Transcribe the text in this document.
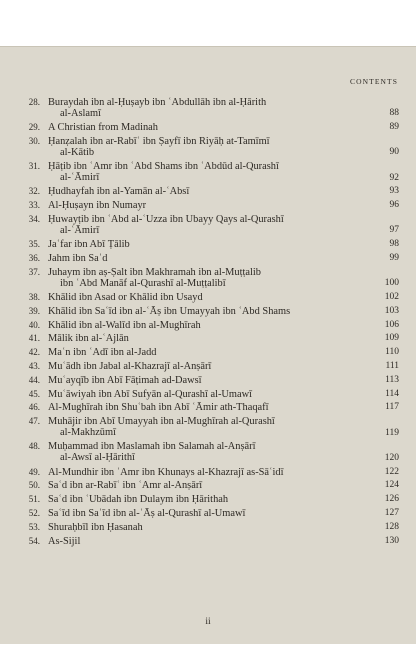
CONTENTS
28. Buraydah ibn al-Ḥuṣayb ibn ʿAbdullāh ibn al-Ḥārith
al-Aslamī	88
29. A Christian from Madinah	89
30. Ḥanẓalah ibn ar-Rabīʿ ibn Ṣayfī ibn Riyāḥ at-Tamīmī
al-Kātib	90
31. Ḥāṭib ibn ʿAmr ibn ʿAbd Shams ibn ʿAbdūd al-Qurashī
al-ʿĀmirī	92
32. Ḥudhayfah ibn al-Yamān al-ʿAbsī	93
33. Al-Ḥuṣayn ibn Numayr	96
34. Ḥuwayṭib ibn ʿAbd al-ʿUzza ibn Ubayy Qays al-Qurashī
al-ʿĀmirī	97
35. Jaʿfar ibn Abī Ṭālib	98
36. Jahm ibn Saʿd	99
37. Juhaym ibn aṣ-Ṣalt ibn Makhramah ibn al-Muṭṭalib
ibn ʿAbd Manāf al-Qurashī al-Muṭṭalibī	100
38. Khālid ibn Asad or Khālid ibn Usayd	102
39. Khālid ibn Saʿīd ibn al-ʿĀṣ ibn Umayyah ibn ʿAbd Shams	103
40. Khālid ibn al-Walīd ibn al-Mughīrah	106
41. Mālik ibn al-ʿAjlān	109
42. Maʿn ibn ʿAdī ibn al-Jadd	110
43. Muʿādh ibn Jabal al-Khazrajī al-Anṣārī	111
44. Muʿayqīb ibn Abī Fāṭimah ad-Dawsī	113
45. Muʿāwiyah ibn Abī Sufyān al-Qurashī al-Umawī	114
46. Al-Mughīrah ibn Shuʿbah ibn Abī ʿĀmir ath-Thaqafī	117
47. Muhājir ibn Abī Umayyah ibn al-Mughīrah al-Qurashī
al-Makhzūmī	119
48. Muḥammad ibn Maslamah ibn Salamah al-Anṣārī
al-Awsī al-Ḥārithī	120
49. Al-Mundhir ibn ʿAmr ibn Khunays al-Khazrajī as-Sāʿidī	122
50. Saʿd ibn ar-Rabīʿ ibn ʿAmr al-Anṣārī	124
51. Saʿd ibn ʿUbādah ibn Dulaym ibn Ḥārithah	126
52. Saʿīd ibn Saʿīd ibn al-ʿĀṣ al-Qurashī al-Umawī	127
53. Shuraḥbīl ibn Ḥasanah	128
54. As-Sijil	130
ii
